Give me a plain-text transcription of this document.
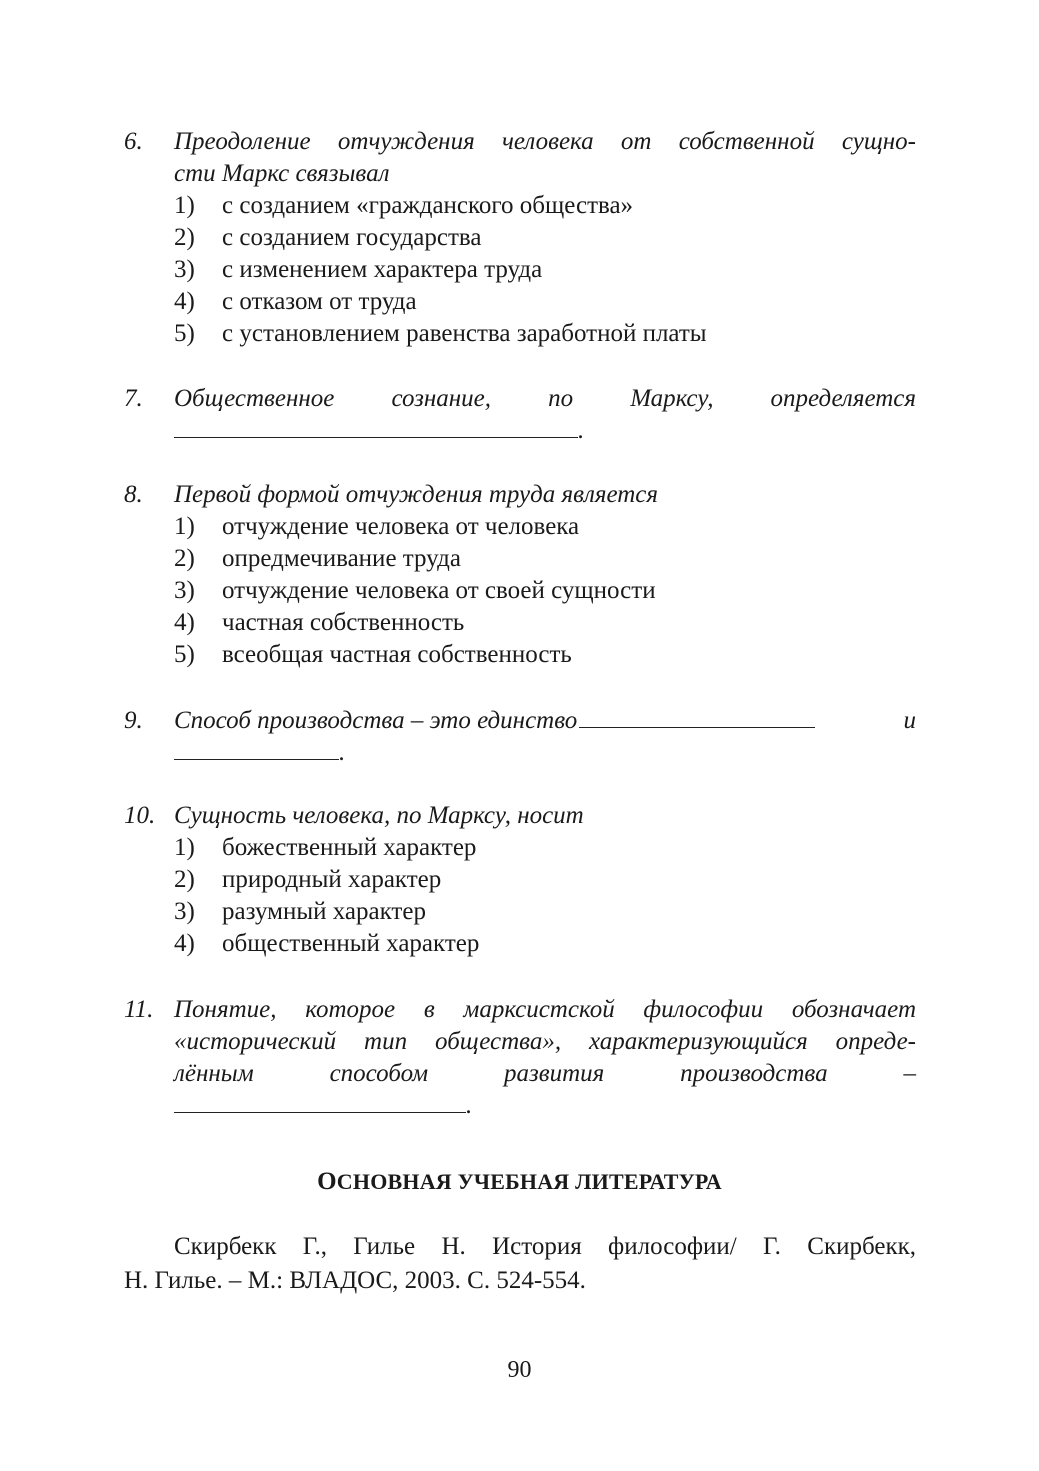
6. Преодоление отчуждения человека от собственной сущно-
сти Маркс связывал
1) с созданием «гражданского общества»
2) с созданием государства
3) с изменением характера труда
4) с отказом от труда
5) с установлением равенства заработной платы
7. Общественное сознание, по Марксу, определяется
.
8. Первой формой отчуждения труда является
1) отчуждение человека от человека
2) опредмечивание труда
3) отчуждение человека от своей сущности
4) частная собственность
5) всеобщая частная собственность
9. Способ производства – это единство	и
.
10. Сущность человека, по Марксу, носит
1) божественный характер
2) природный характер
3) разумный характер
4) общественный характер
11. Понятие, которое в марксистской философии обозначает
«исторический тип общества», характеризующийся опреде-
лённым способом развития производства –
.
ОСНОВНАЯ УЧЕБНАЯ ЛИТЕРАТУРА
Скирбекк Г., Гилье Н. История философии/ Г. Скирбекк,
Н. Гилье. – М.: ВЛАДОС, 2003. С. 524-554.
90
